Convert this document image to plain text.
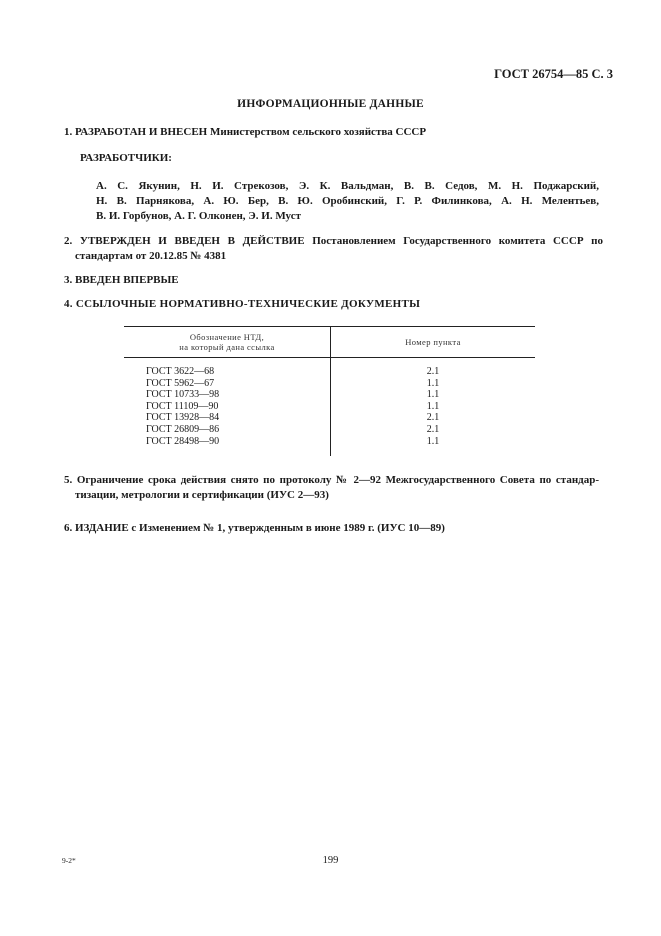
ГОСТ 26754—85 С. 3
ИНФОРМАЦИОННЫЕ ДАННЫЕ
1. РАЗРАБОТАН И ВНЕСЕН Министерством сельского хозяйства СССР
РАЗРАБОТЧИКИ:
А. С. Якунин, Н. И. Стрекозов, Э. К. Вальдман, В. В. Седов, М. Н. Поджарский,
Н. В. Парнякова, А. Ю. Бер, В. Ю. Оробинский, Г. Р. Филинкова, А. Н. Мелентьев,
В. И. Горбунов, А. Г. Олконен, Э. И. Муст
2. УТВЕРЖДЕН И ВВЕДЕН В ДЕЙСТВИЕ Постановлением Государственного комитета СССР по
стандартам от 20.12.85 № 4381
3. ВВЕДЕН ВПЕРВЫЕ
4. ССЫЛОЧНЫЕ НОРМАТИВНО-ТЕХНИЧЕСКИЕ ДОКУМЕНТЫ
Обозначение НТД,
на который дана ссылка	Номер пункта
ГОСТ 3622—68	2.1
ГОСТ 5962—67	1.1
ГОСТ 10733—98	1.1
ГОСТ 11109—90	1.1
ГОСТ 13928—84	2.1
ГОСТ 26809—86	2.1
ГОСТ 28498—90	1.1
5. Ограничение срока действия снято по протоколу № 2—92 Межгосударственного Совета по стандар-
тизации, метрологии и сертификации (ИУС 2—93)
6. ИЗДАНИЕ с Изменением № 1, утвержденным в июне 1989 г. (ИУС 10—89)
9-2*	199
